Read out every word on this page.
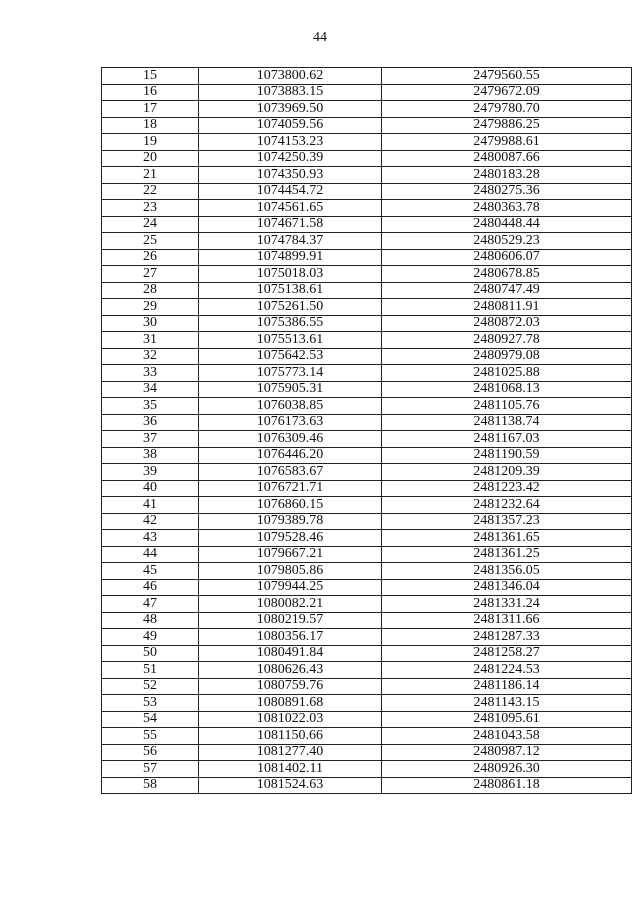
44
15	1073800.62	2479560.55
16	1073883.15	2479672.09
17	1073969.50	2479780.70
18	1074059.56	2479886.25
19	1074153.23	2479988.61
20	1074250.39	2480087.66
21	1074350.93	2480183.28
22	1074454.72	2480275.36
23	1074561.65	2480363.78
24	1074671.58	2480448.44
25	1074784.37	2480529.23
26	1074899.91	2480606.07
27	1075018.03	2480678.85
28	1075138.61	2480747.49
29	1075261.50	2480811.91
30	1075386.55	2480872.03
31	1075513.61	2480927.78
32	1075642.53	2480979.08
33	1075773.14	2481025.88
34	1075905.31	2481068.13
35	1076038.85	2481105.76
36	1076173.63	2481138.74
37	1076309.46	2481167.03
38	1076446.20	2481190.59
39	1076583.67	2481209.39
40	1076721.71	2481223.42
41	1076860.15	2481232.64
42	1079389.78	2481357.23
43	1079528.46	2481361.65
44	1079667.21	2481361.25
45	1079805.86	2481356.05
46	1079944.25	2481346.04
47	1080082.21	2481331.24
48	1080219.57	2481311.66
49	1080356.17	2481287.33
50	1080491.84	2481258.27
51	1080626.43	2481224.53
52	1080759.76	2481186.14
53	1080891.68	2481143.15
54	1081022.03	2481095.61
55	1081150.66	2481043.58
56	1081277.40	2480987.12
57	1081402.11	2480926.30
58	1081524.63	2480861.18
